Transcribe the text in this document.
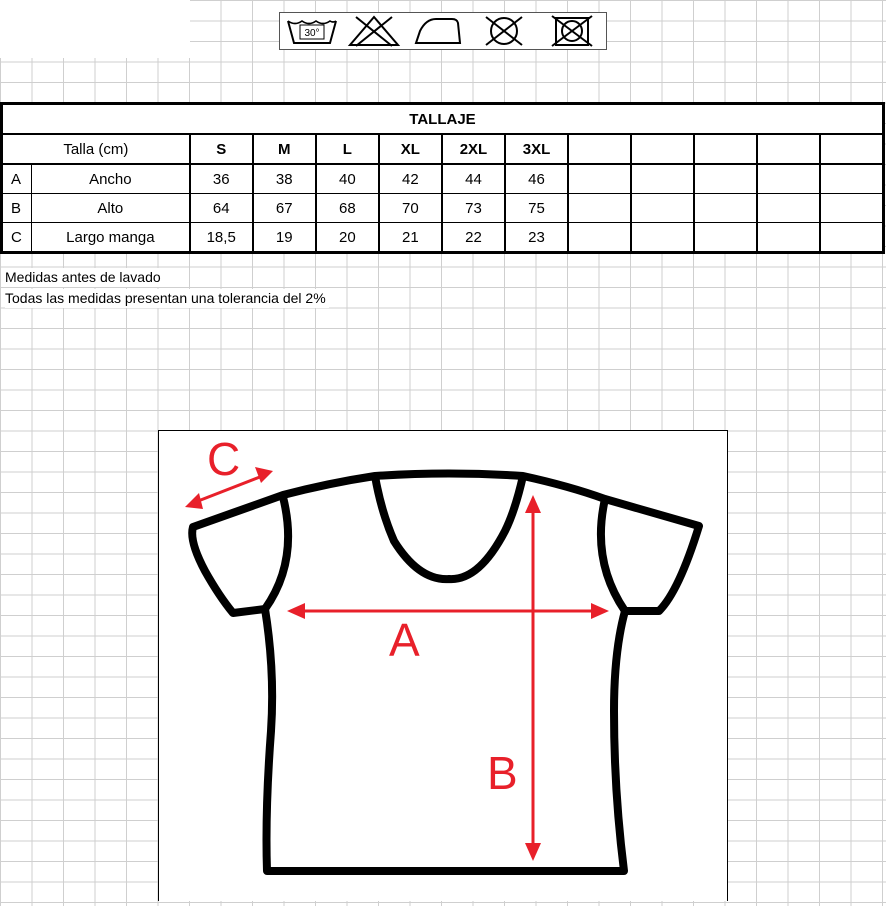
30°
TALLAJE												
Talla (cm)		S	M	L	XL	2XL	3XL					
A	Ancho	36	38	40	42	44	46					
B	Alto	64	67	68	70	73	75					
C	Largo manga	18,5	19	20	21	22	23					
Medidas antes de lavado
Todas las medidas presentan una tolerancia del 2%
A
B
C
